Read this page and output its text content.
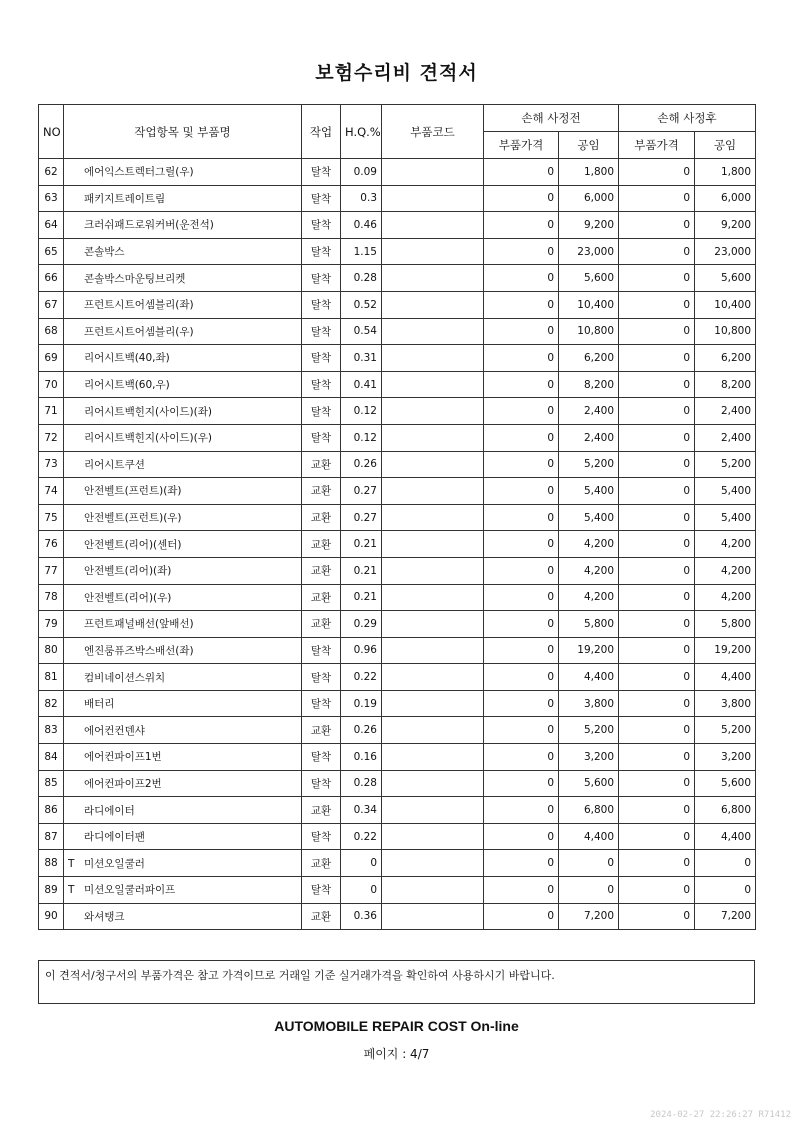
보험수리비 견적서
NO	작업항목 및 부품명	작업	H.Q.%	부품코드	손해 사정전		손해 사정후	
					부품가격	공임	부품가격	공임
62	에어익스트렉터그릴(우)	탈착	0.09		0	1,800	0	1,800
63	패키지트레이트림	탈착	0.3		0	6,000	0	6,000
64	크러쉬패드로워커버(운전석)	탈착	0.46		0	9,200	0	9,200
65	콘솔박스	탈착	1.15		0	23,000	0	23,000
66	콘솔박스마운팅브리켓	탈착	0.28		0	5,600	0	5,600
67	프런트시트어셈블리(좌)	탈착	0.52		0	10,400	0	10,400
68	프런트시트어셈블리(우)	탈착	0.54		0	10,800	0	10,800
69	리어시트백(40,좌)	탈착	0.31		0	6,200	0	6,200
70	리어시트백(60,우)	탈착	0.41		0	8,200	0	8,200
71	리어시트백힌지(사이드)(좌)	탈착	0.12		0	2,400	0	2,400
72	리어시트백힌지(사이드)(우)	탈착	0.12		0	2,400	0	2,400
73	리어시트쿠션	교환	0.26		0	5,200	0	5,200
74	안전벨트(프런트)(좌)	교환	0.27		0	5,400	0	5,400
75	안전벨트(프런트)(우)	교환	0.27		0	5,400	0	5,400
76	안전벨트(리어)(센터)	교환	0.21		0	4,200	0	4,200
77	안전벨트(리어)(좌)	교환	0.21		0	4,200	0	4,200
78	안전벨트(리어)(우)	교환	0.21		0	4,200	0	4,200
79	프런트패널배선(앞배선)	교환	0.29		0	5,800	0	5,800
80	엔진룸퓨즈박스배선(좌)	탈착	0.96		0	19,200	0	19,200
81	컴비네이션스위치	탈착	0.22		0	4,400	0	4,400
82	배터리	탈착	0.19		0	3,800	0	3,800
83	에어컨컨덴샤	교환	0.26		0	5,200	0	5,200
84	에어컨파이프1번	탈착	0.16		0	3,200	0	3,200
85	에어컨파이프2번	탈착	0.28		0	5,600	0	5,600
86	라디에이터	교환	0.34		0	6,800	0	6,800
87	라디에이터팬	탈착	0.22		0	4,400	0	4,400
88	T 미션오일쿨러	교환	0		0	0	0	0
89	T 미션오일쿨러파이프	탈착	0		0	0	0	0
90	와셔탱크	교환	0.36		0	7,200	0	7,200
이 견적서/청구서의 부품가격은 참고 가격이므로 거래일 기준 실거래가격을 확인하여 사용하시기 바랍니다.
AUTOMOBILE REPAIR COST On-line
페이지 : 4/7
2024-02-27 22:26:27 R71412
